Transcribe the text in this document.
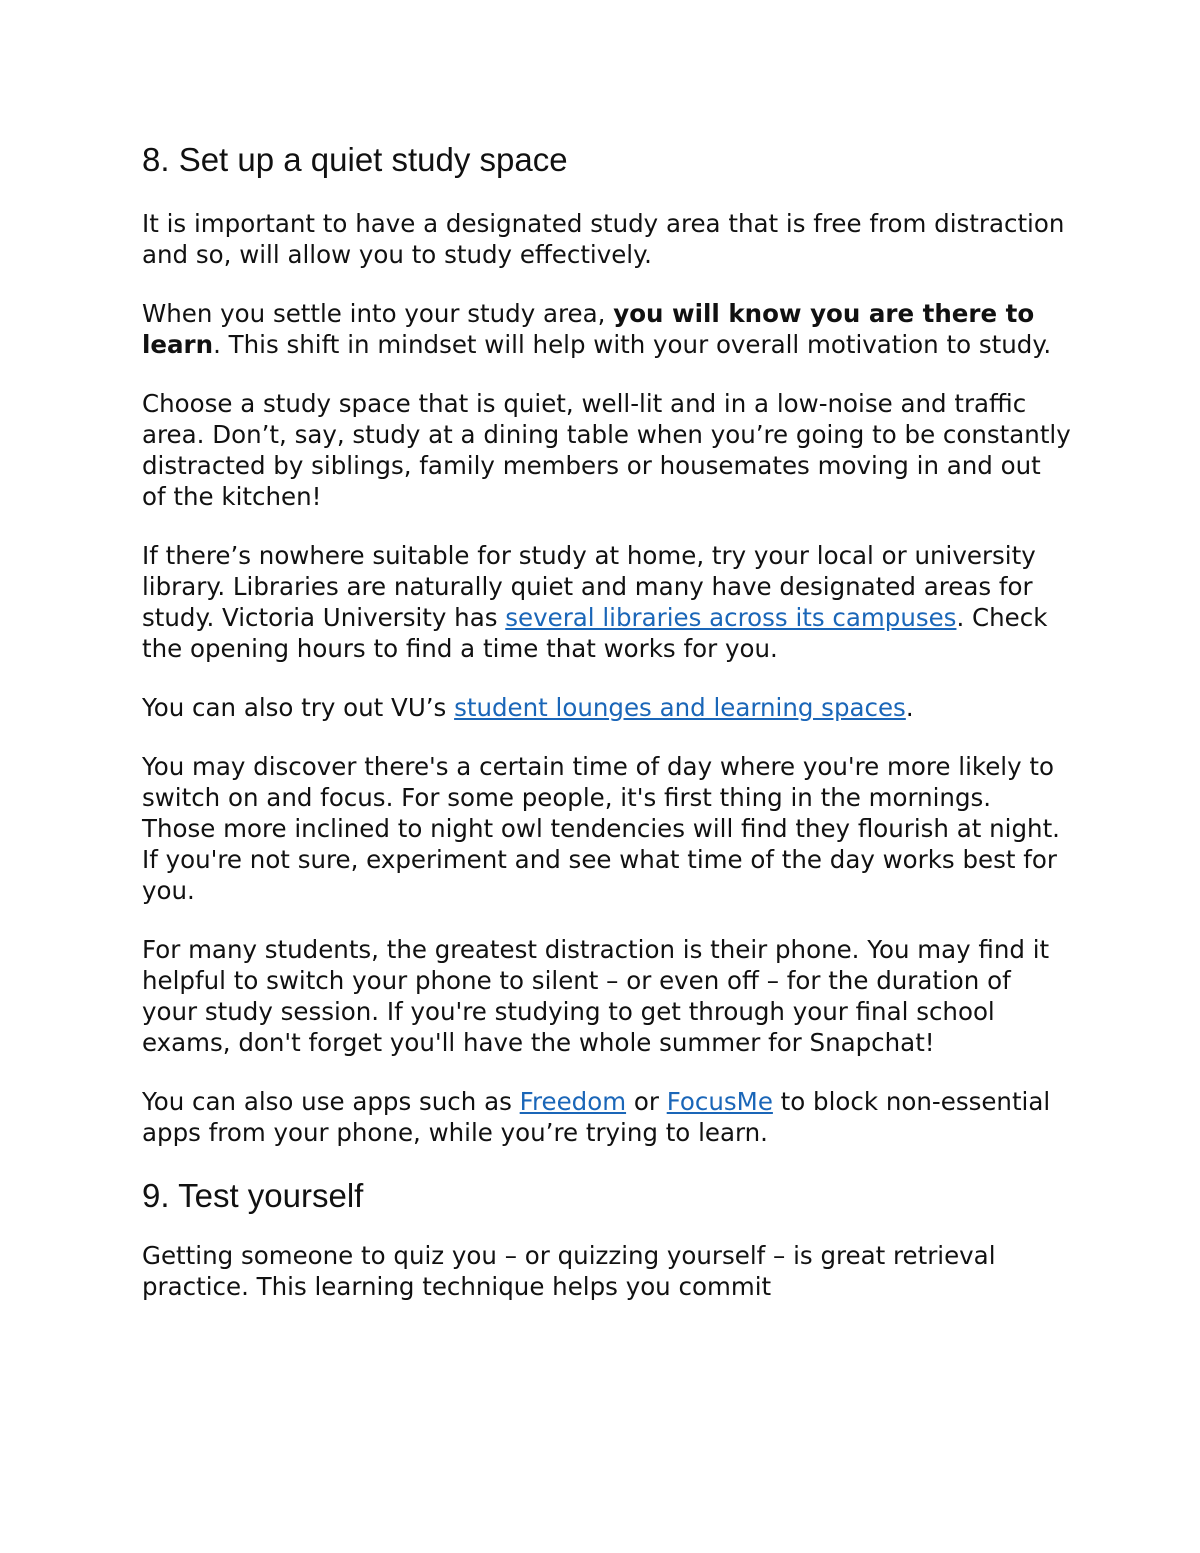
8. Set up a quiet study space

It is important to have a designated study area that is free from distraction and so, will allow you to study effectively.

When you settle into your study area, you will know you are there to learn. This shift in mindset will help with your overall motivation to study.

Choose a study space that is quiet, well-lit and in a low-noise and traffic area. Don’t, say, study at a dining table when you’re going to be constantly distracted by siblings, family members or housemates moving in and out of the kitchen!

If there’s nowhere suitable for study at home, try your local or university library. Libraries are naturally quiet and many have designated areas for study. Victoria University has several libraries across its campuses. Check the opening hours to find a time that works for you.

You can also try out VU’s student lounges and learning spaces.

You may discover there's a certain time of day where you're more likely to switch on and focus. For some people, it's first thing in the mornings. Those more inclined to night owl tendencies will find they flourish at night. If you're not sure, experiment and see what time of the day works best for you.

For many students, the greatest distraction is their phone. You may find it helpful to switch your phone to silent – or even off – for the duration of your study session. If you're studying to get through your final school exams, don't forget you'll have the whole summer for Snapchat!

You can also use apps such as Freedom or FocusMe to block non-essential apps from your phone, while you’re trying to learn.

9. Test yourself

Getting someone to quiz you – or quizzing yourself – is great retrieval practice. This learning technique helps you commit
